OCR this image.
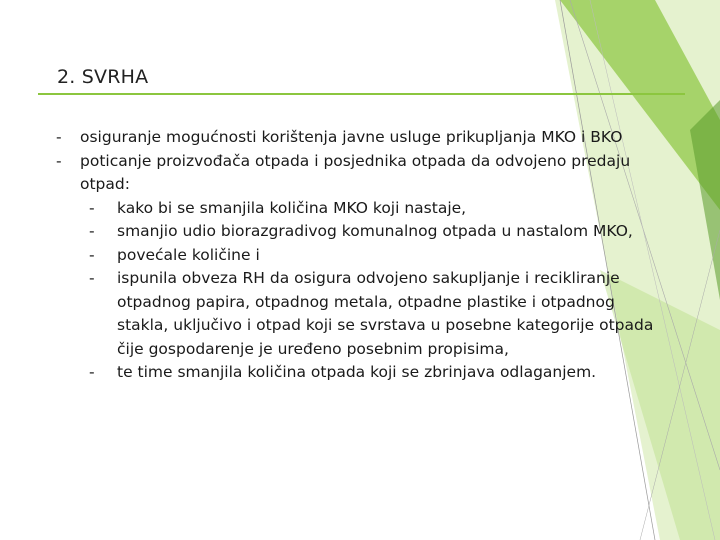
2. SVRHA
- osiguranje mogućnosti korištenja javne usluge prikupljanja MKO i BKO
- poticanje proizvođača otpada i posjednika otpada da odvojeno predaju otpad:
- kako bi se smanjila količina MKO koji nastaje,
- smanjio udio biorazgradivog komunalnog otpada u nastalom MKO,
- povećale količine i
- ispunila obveza RH da osigura odvojeno sakupljanje i recikliranje otpadnog papira, otpadnog metala, otpadne plastike i otpadnog stakla, uključivo i otpad koji se svrstava u posebne kategorije otpada čije gospodarenje je uređeno posebnim propisima,
- te time smanjila količina otpada koji se zbrinjava odlaganjem.
